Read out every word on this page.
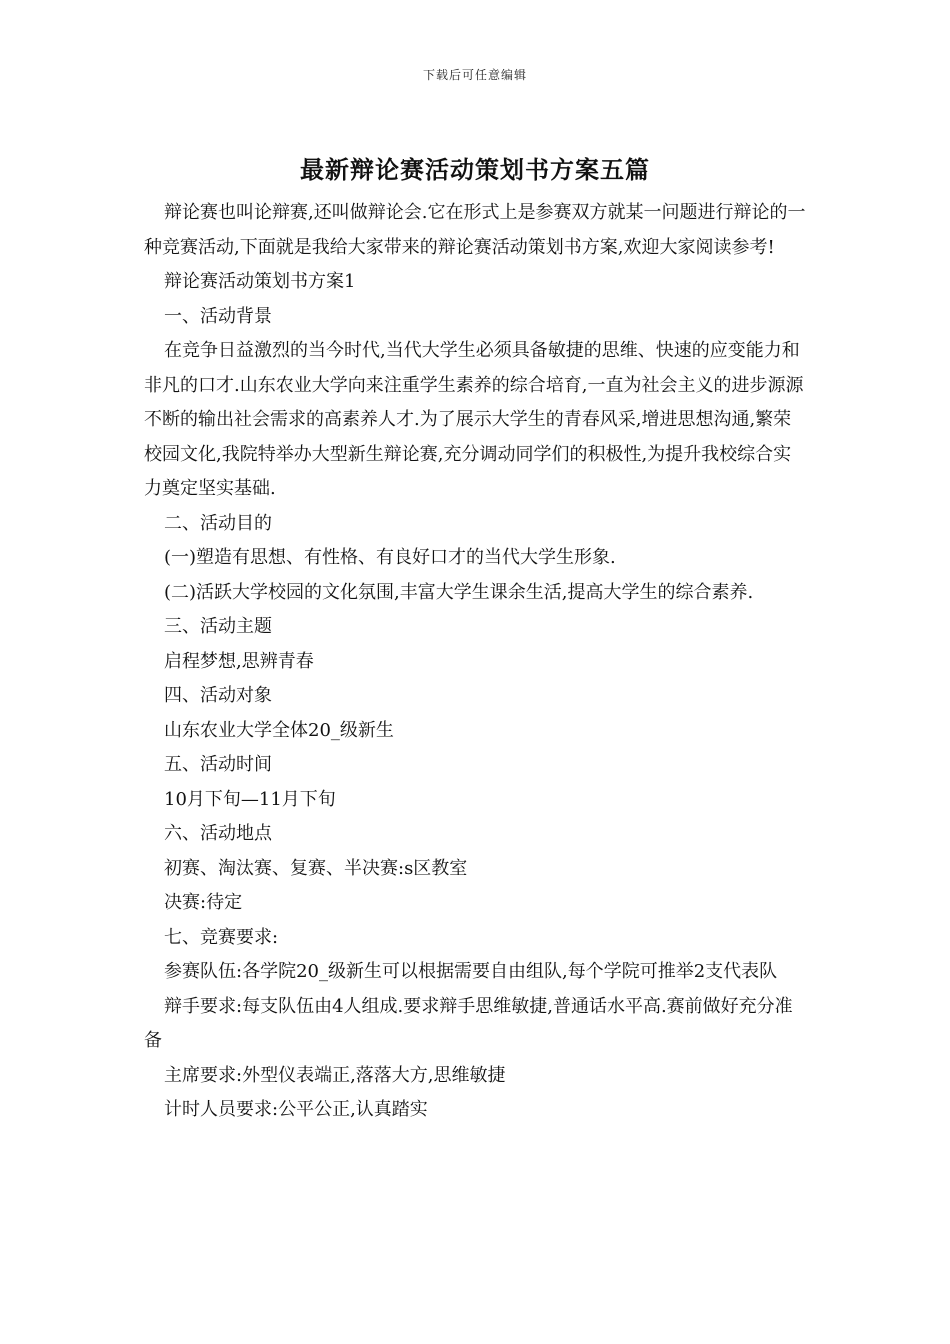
下载后可任意编辑
最新辩论赛活动策划书方案五篇

辩论赛也叫论辩赛,还叫做辩论会.它在形式上是参赛双方就某一问题进行辩论的一种竞赛活动,下面就是我给大家带来的辩论赛活动策划书方案,欢迎大家阅读参考!

辩论赛活动策划书方案1

一、活动背景

在竞争日益激烈的当今时代,当代大学生必须具备敏捷的思维、快速的应变能力和非凡的口才.山东农业大学向来注重学生素养的综合培育,一直为社会主义的进步源源不断的输出社会需求的高素养人才.为了展示大学生的青春风采,增进思想沟通,繁荣校园文化,我院特举办大型新生辩论赛,充分调动同学们的积极性,为提升我校综合实力奠定坚实基础.

二、活动目的

(一)塑造有思想、有性格、有良好口才的当代大学生形象.

(二)活跃大学校园的文化氛围,丰富大学生课余生活,提高大学生的综合素养.

三、活动主题

启程梦想,思辨青春

四、活动对象

山东农业大学全体20_级新生

五、活动时间

10月下旬—11月下旬

六、活动地点

初赛、淘汰赛、复赛、半决赛:s区教室

决赛:待定

七、竞赛要求:

参赛队伍:各学院20_级新生可以根据需要自由组队,每个学院可推举2支代表队

辩手要求:每支队伍由4人组成.要求辩手思维敏捷,普通话水平高.赛前做好充分准备

主席要求:外型仪表端正,落落大方,思维敏捷

计时人员要求:公平公正,认真踏实
